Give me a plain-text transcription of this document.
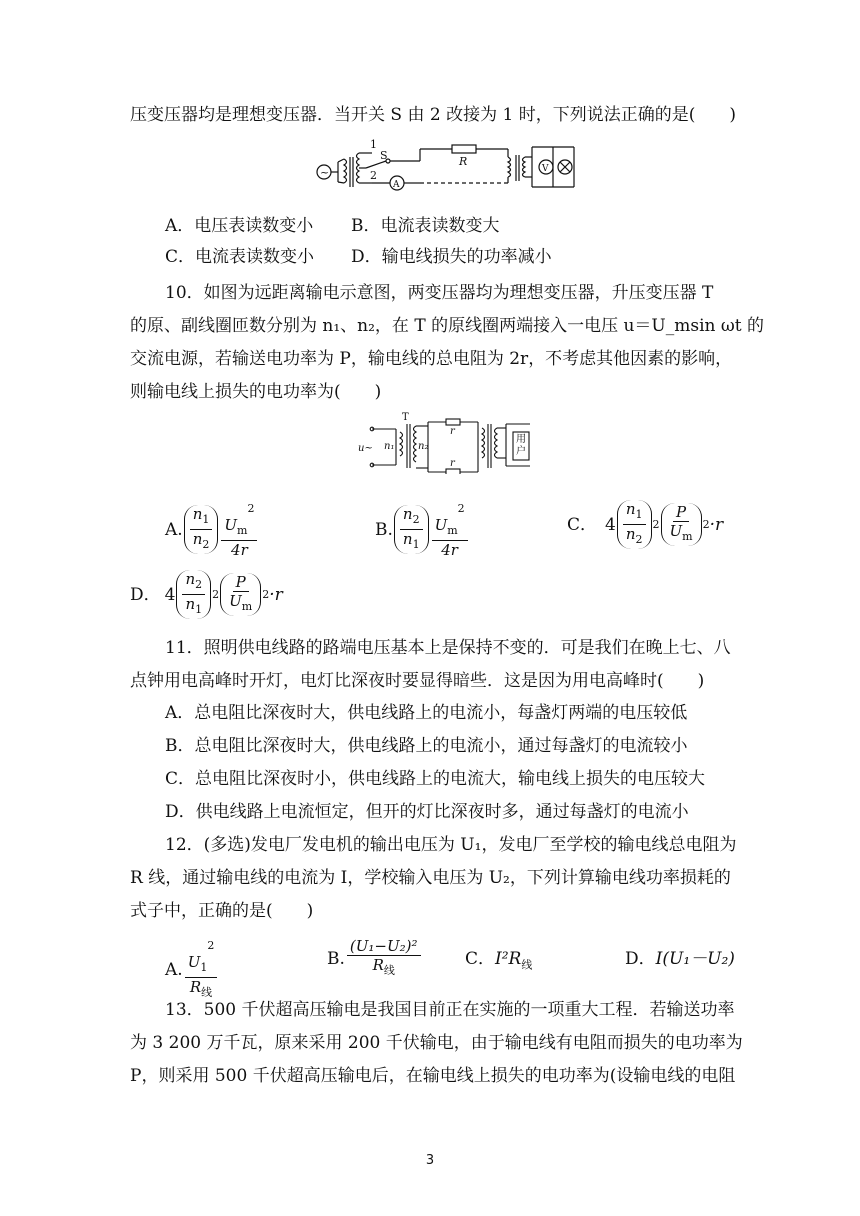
压变压器均是理想变压器．当开关 S 由 2 改接为 1 时，下列说法正确的是(　　)
~
1
2
S	R
A
V
A．电压表读数变小 B．电流表读数变大
C．电流表读数变小 D．输电线损失的功率减小
10．如图为远距离输电示意图，两变压器均为理想变压器，升压变压器 T
的原、副线圈匝数分别为 n₁、n₂，在 T 的原线圈两端接入一电压 u＝U_msin ωt 的
交流电源，若输送电功率为 P，输电线的总电阻为 2r，不考虑其他因素的影响，
则输电线上损失的电功率为(　　)
T
u~ n₁ n₂
r
r
用户
A. $\frac{n_1}{n_2} \frac{U_m^2}{4r}$	B. $\frac{n_2}{n_1} \frac{U_m^2}{4r}$	C． $4 \frac{n_1}{n_2} 2 \frac{P}{U_m} 2 \cdot r$
D． $4 \frac{n_2}{n_1} 2 \frac{P}{U_m} 2 \cdot r$
11．照明供电线路的路端电压基本上是保持不变的．可是我们在晚上七、八
点钟用电高峰时开灯，电灯比深夜时要显得暗些．这是因为用电高峰时(　　)
A．总电阻比深夜时大，供电线路上的电流小，每盏灯两端的电压较低
B．总电阻比深夜时大，供电线路上的电流小，通过每盏灯的电流较小
C．总电阻比深夜时小，供电线路上的电流大，输电线上损失的电压较大
D．供电线路上电流恒定，但开的灯比深夜时多，通过每盏灯的电流小
12．(多选)发电厂发电机的输出电压为 U₁，发电厂至学校的输电线总电阻为
R 线，通过输电线的电流为 I，学校输入电压为 U₂，下列计算输电线功率损耗的
式子中，正确的是(　　)
A. $\frac{U_1^2}{R_线}$	B. $\frac{\text{(U₁−U₂)²}}{R_线}$	C．$I^2R_线$	D．I(U₁－U₂)
13．500 千伏超高压输电是我国目前正在实施的一项重大工程．若输送功率
为 3 200 万千瓦，原来采用 200 千伏输电，由于输电线有电阻而损失的电功率为
P，则采用 500 千伏超高压输电后，在输电线上损失的电功率为(设输电线的电阻
3
